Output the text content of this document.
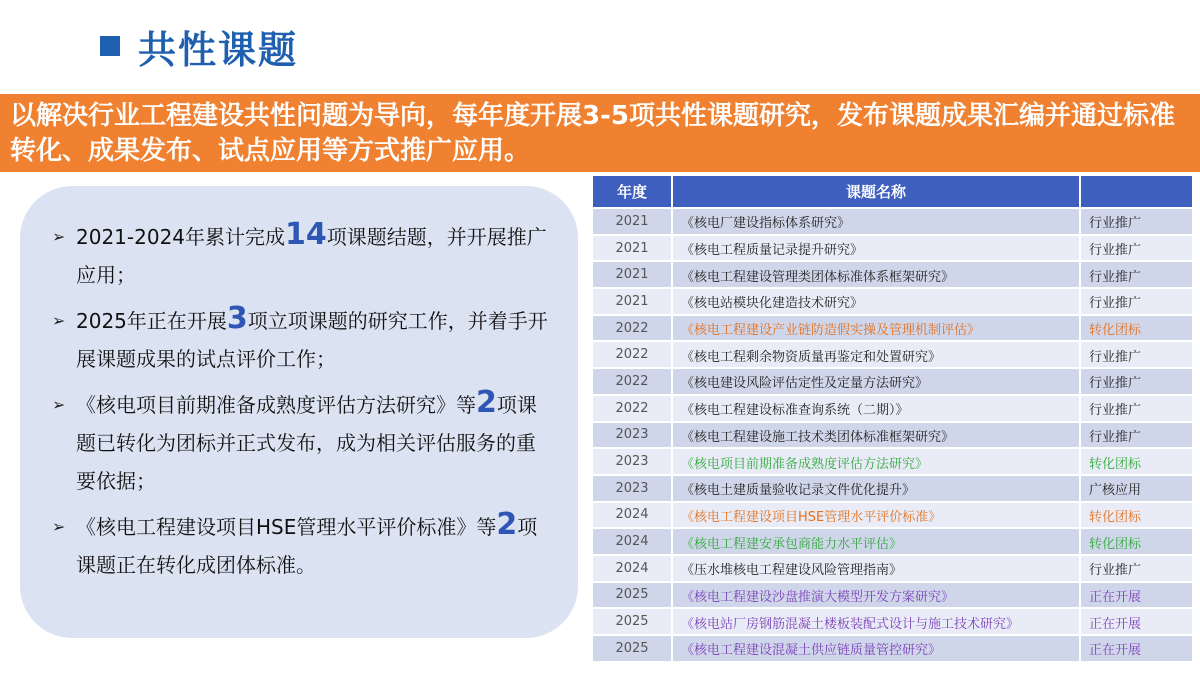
共性课题
以解决行业工程建设共性问题为导向，每年度开展3-5项共性课题研究，发布课题成果汇编并通过标准转化、成果发布、试点应用等方式推广应用。
➢ 2021-2024年累计完成14项课题结题，并开展推广应用；
➢ 2025年正在开展3项立项课题的研究工作，并着手开展课题成果的试点评价工作；
➢ 《核电项目前期准备成熟度评估方法研究》等2项课题已转化为团标并正式发布，成为相关评估服务的重要依据；
➢ 《核电工程建设项目HSE管理水平评价标准》等2项课题正在转化成团体标准。
年度	课题名称	
2021	《核电厂建设指标体系研究》	行业推广
2021	《核电工程质量记录提升研究》	行业推广
2021	《核电工程建设管理类团体标准体系框架研究》	行业推广
2021	《核电站模块化建造技术研究》	行业推广
2022	《核电工程建设产业链防造假实操及管理机制评估》	转化团标
2022	《核电工程剩余物资质量再鉴定和处置研究》	行业推广
2022	《核电建设风险评估定性及定量方法研究》	行业推广
2022	《核电工程建设标准查询系统（二期）》	行业推广
2023	《核电工程建设施工技术类团体标准框架研究》	行业推广
2023	《核电项目前期准备成熟度评估方法研究》	转化团标
2023	《核电土建质量验收记录文件优化提升》	广核应用
2024	《核电工程建设项目HSE管理水平评价标准》	转化团标
2024	《核电工程建安承包商能力水平评估》	转化团标
2024	《压水堆核电工程建设风险管理指南》	行业推广
2025	《核电工程建设沙盘推演大模型开发方案研究》	正在开展
2025	《核电站厂房钢筋混凝土楼板装配式设计与施工技术研究》	正在开展
2025	《核电工程建设混凝土供应链质量管控研究》	正在开展
